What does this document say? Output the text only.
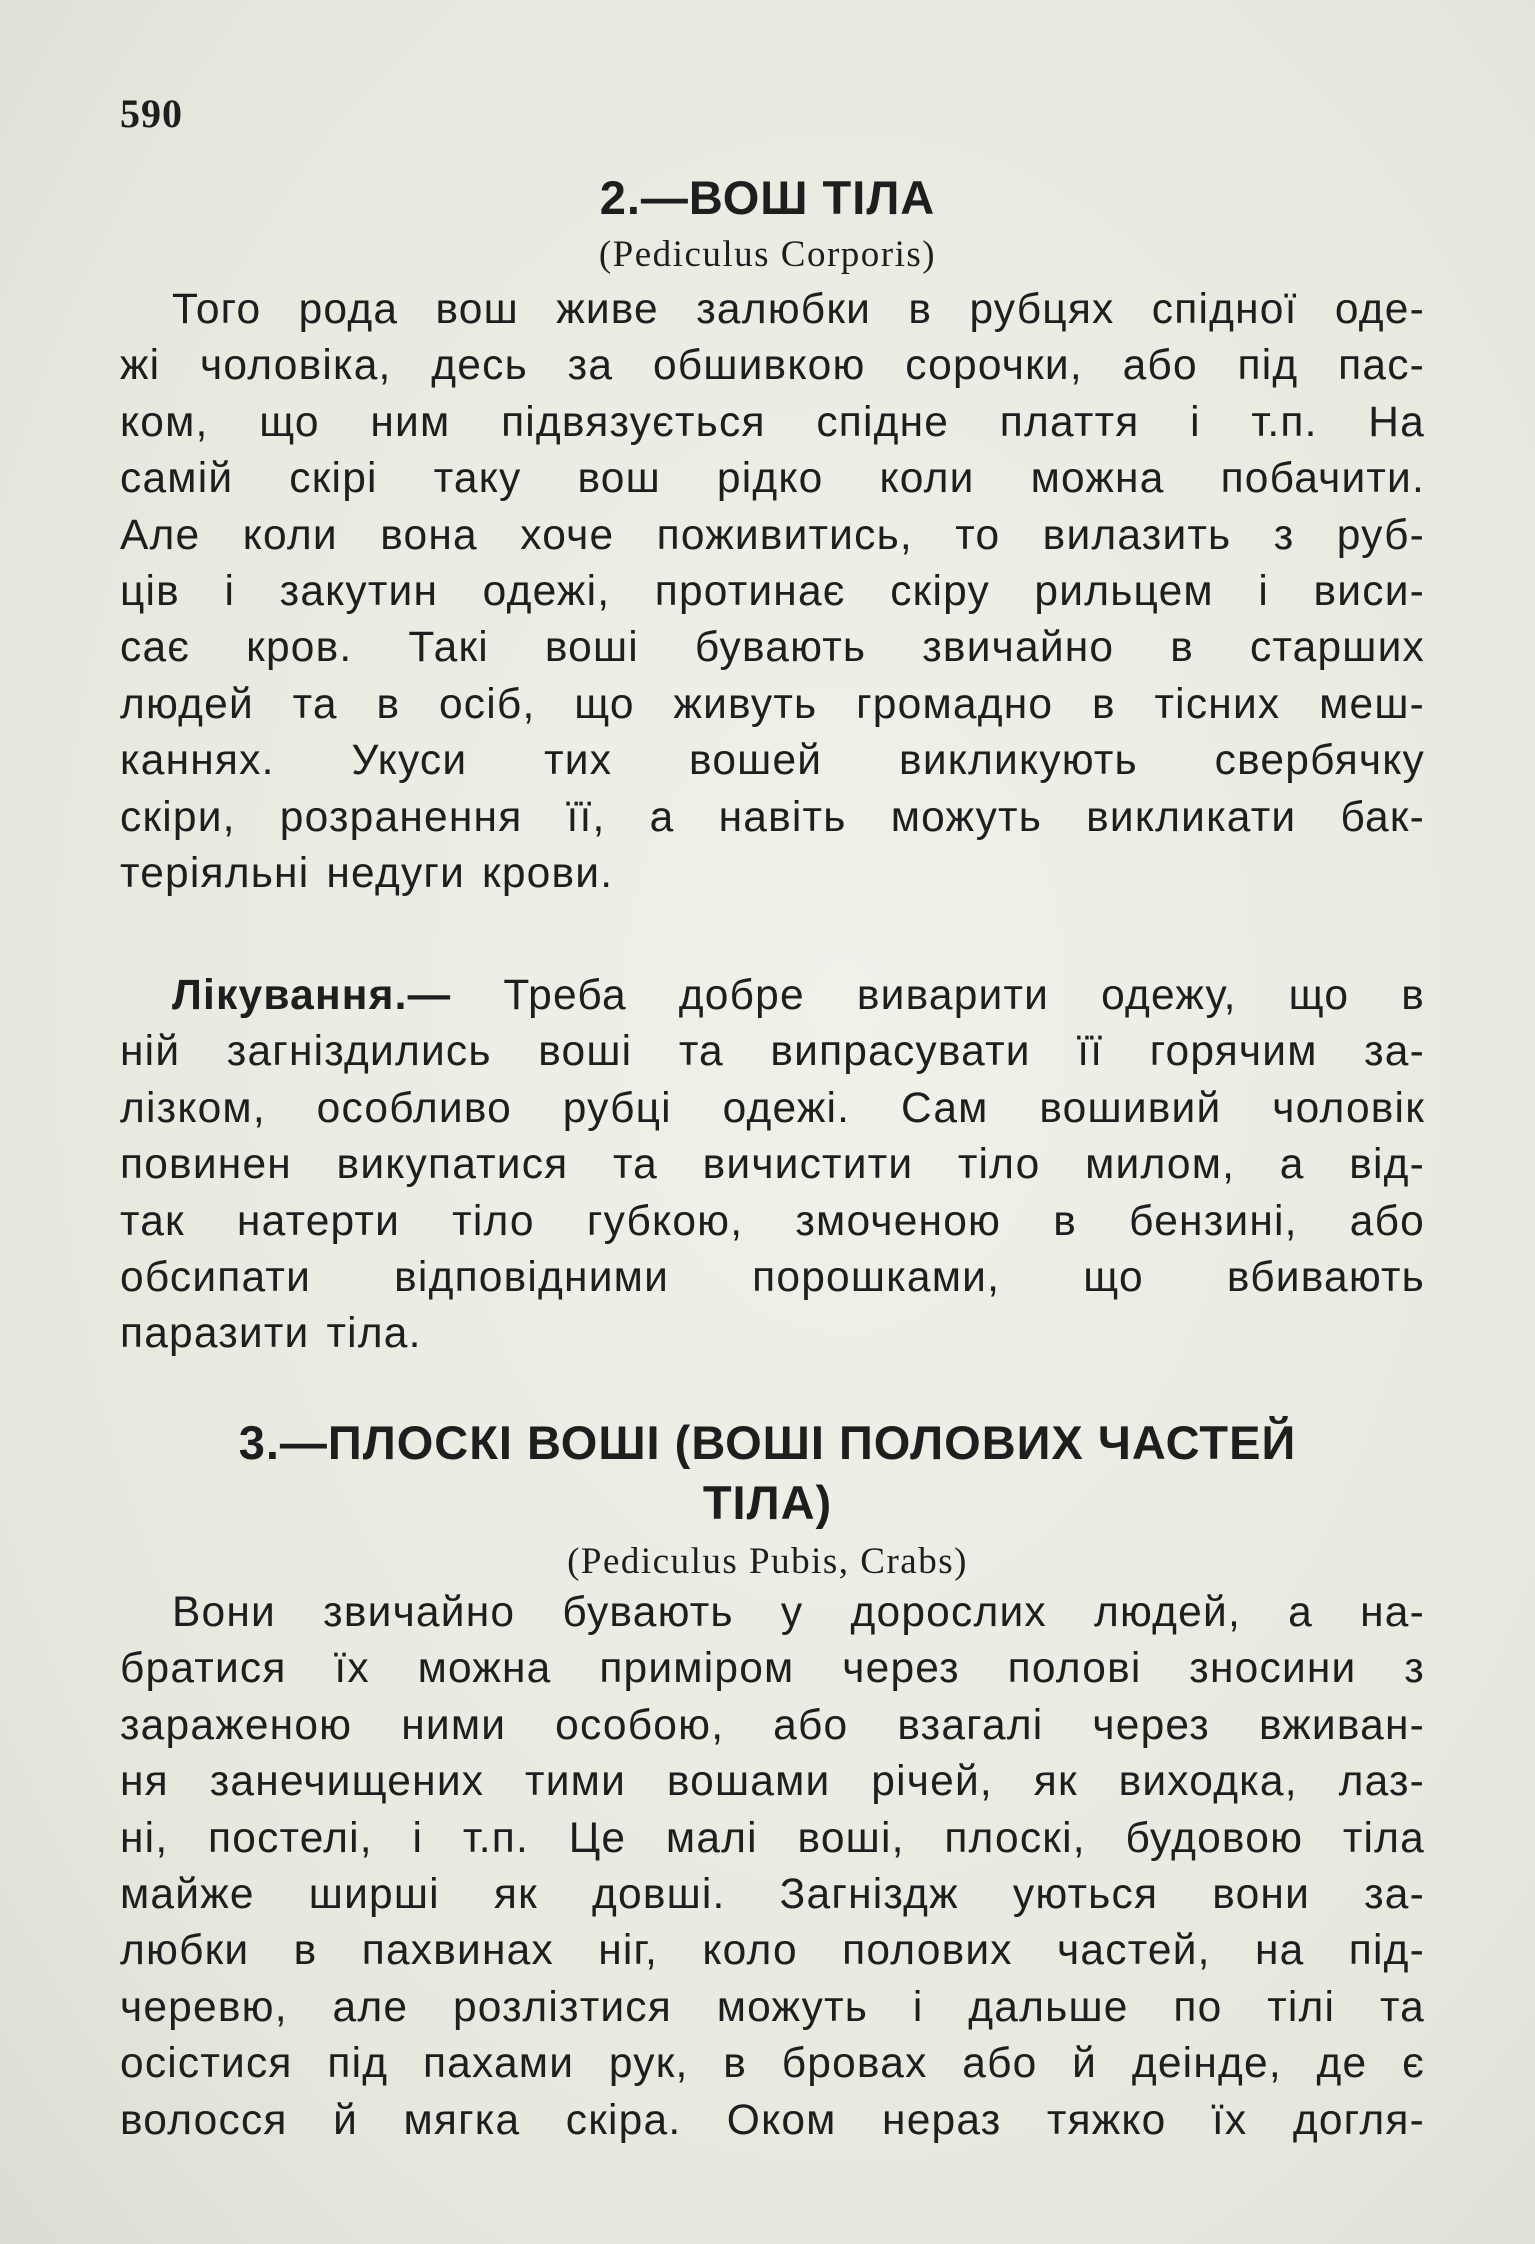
590
2.—ВОШ ТІЛА
(Pediculus Corporis)
Того рода вош живе залюбки в рубцях спідної оде-
жі чоловіка, десь за обшивкою сорочки, або під пас-
ком, що ним підвязується спідне плаття і т.п. На
самій скірі таку вош рідко коли можна побачити.
Але коли вона хоче поживитись, то вилазить з руб-
ців і закутин одежі, протинає скіру рильцем і виси-
сає кров. Такі воші бувають звичайно в старших
людей та в осіб, що живуть громадно в тісних меш-
каннях. Укуси тих вошей викликують свербячку
скіри, розранення її, а навіть можуть викликати бак-
теріяльні недуги крови.
Лікування.— Треба добре виварити одежу, що в
ній загніздились воші та випрасувати її горячим за-
лізком, особливо рубці одежі. Сам вошивий чоловік
повинен викупатися та вичистити тіло милом, а від-
так натерти тіло губкою, змоченою в бензині, або
обсипати відповідними порошками, що вбивають
паразити тіла.
3.—ПЛОСКІ ВОШІ (ВОШІ ПОЛОВИХ ЧАСТЕЙ
ТІЛА)
(Pediculus Pubis, Crabs)
Вони звичайно бувають у дорослих людей, а на-
братися їх можна приміром через полові зносини з
зараженою ними особою, або взагалі через вживан-
ня занечищених тими вошами річей, як виходка, лаз-
ні, постелі, і т.п. Це малі воші, плоскі, будовою тіла
майже ширші як довші. Загніздж уються вони за-
любки в пахвинах ніг, коло полових частей, на під-
черевю, але розлізтися можуть і дальше по тілі та
осістися під пахами рук, в бровах або й деінде, де є
волосся й мягка скіра. Оком нераз тяжко їх догля-
